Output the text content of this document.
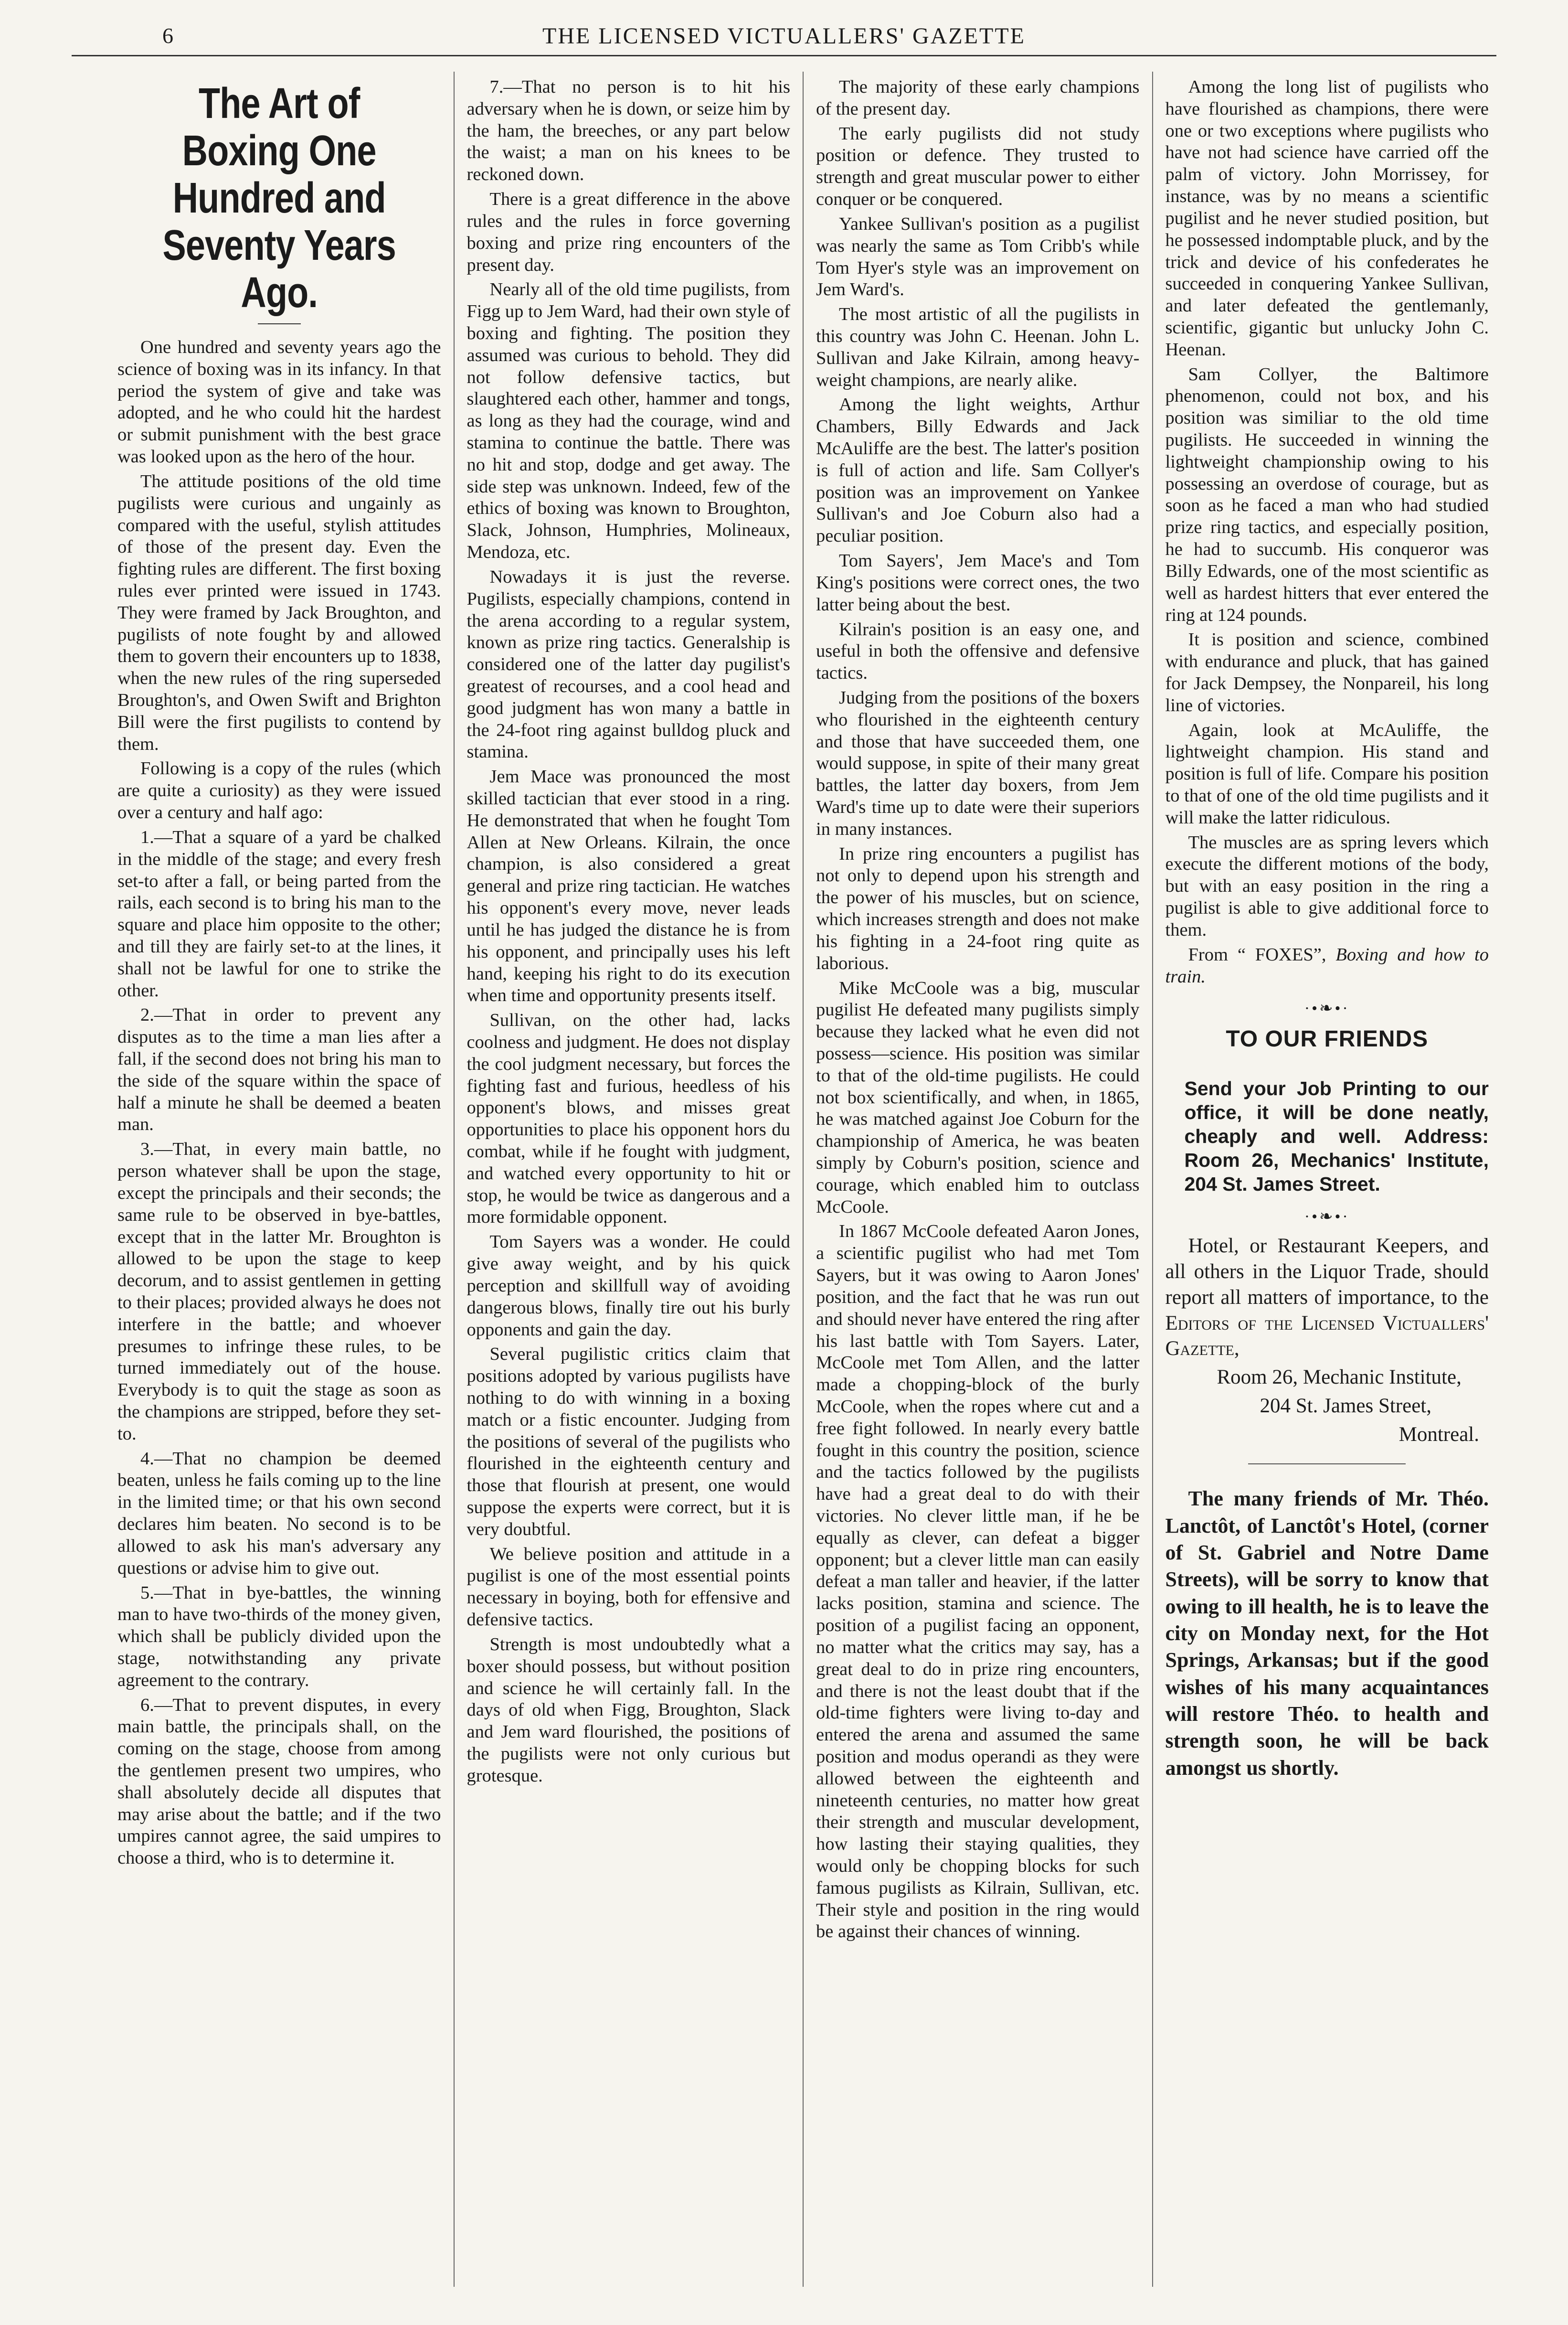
6	THE LICENSED VICTUALLERS' GAZETTE
The Art of Boxing One Hundred and Seventy Years Ago.

One hundred and seventy years ago the science of boxing was in its infancy. In that period the system of give and take was adopted, and he who could hit the hardest or submit punishment with the best grace was looked upon as the hero of the hour.

The attitude positions of the old time pugilists were curious and ungainly as compared with the useful, stylish attitudes of those of the present day. Even the fighting rules are different. The first boxing rules ever printed were issued in 1743. They were framed by Jack Broughton, and pugilists of note fought by and allowed them to govern their encounters up to 1838, when the new rules of the ring superseded Broughton's, and Owen Swift and Brighton Bill were the first pugilists to contend by them.

Following is a copy of the rules (which are quite a curiosity) as they were issued over a century and half ago:

1.—That a square of a yard be chalked in the middle of the stage; and every fresh set-to after a fall, or being parted from the rails, each second is to bring his man to the square and place him opposite to the other; and till they are fairly set-to at the lines, it shall not be lawful for one to strike the other.

2.—That in order to prevent any disputes as to the time a man lies after a fall, if the second does not bring his man to the side of the square within the space of half a minute he shall be deemed a beaten man.

3.—That, in every main battle, no person whatever shall be upon the stage, except the principals and their seconds; the same rule to be observed in bye-battles, except that in the latter Mr. Broughton is allowed to be upon the stage to keep decorum, and to assist gentlemen in getting to their places; provided always he does not interfere in the battle; and whoever presumes to infringe these rules, to be turned immediately out of the house. Everybody is to quit the stage as soon as the champions are stripped, before they set-to.

4.—That no champion be deemed beaten, unless he fails coming up to the line in the limited time; or that his own second declares him beaten. No second is to be allowed to ask his man's adversary any questions or advise him to give out.

5.—That in bye-battles, the winning man to have two-thirds of the money given, which shall be publicly divided upon the stage, notwithstanding any private agreement to the contrary.

6.—That to prevent disputes, in every main battle, the principals shall, on the coming on the stage, choose from among the gentlemen present two umpires, who shall absolutely decide all disputes that may arise about the battle; and if the two umpires cannot agree, the said umpires to choose a third, who is to determine it.

7.—That no person is to hit his adversary when he is down, or seize him by the ham, the breeches, or any part below the waist; a man on his knees to be reckoned down.

There is a great difference in the above rules and the rules in force governing boxing and prize ring encounters of the present day.

Nearly all of the old time pugilists, from Figg up to Jem Ward, had their own style of boxing and fighting. The position they assumed was curious to behold. They did not follow defensive tactics, but slaughtered each other, hammer and tongs, as long as they had the courage, wind and stamina to continue the battle. There was no hit and stop, dodge and get away. The side step was unknown. Indeed, few of the ethics of boxing was known to Broughton, Slack, Johnson, Humphries, Molineaux, Mendoza, etc.

Nowadays it is just the reverse. Pugilists, especially champions, contend in the arena according to a regular system, known as prize ring tactics. Generalship is considered one of the latter day pugilist's greatest of recourses, and a cool head and good judgment has won many a battle in the 24-foot ring against bulldog pluck and stamina.

Jem Mace was pronounced the most skilled tactician that ever stood in a ring. He demonstrated that when he fought Tom Allen at New Orleans. Kilrain, the once champion, is also considered a great general and prize ring tactician. He watches his opponent's every move, never leads until he has judged the distance he is from his opponent, and principally uses his left hand, keeping his right to do its execution when time and opportunity presents itself.

Sullivan, on the other had, lacks coolness and judgment. He does not display the cool judgment necessary, but forces the fighting fast and furious, heedless of his opponent's blows, and misses great opportunities to place his opponent hors du combat, while if he fought with judgment, and watched every opportunity to hit or stop, he would be twice as dangerous and a more formidable opponent.

Tom Sayers was a wonder. He could give away weight, and by his quick perception and skillfull way of avoiding dangerous blows, finally tire out his burly opponents and gain the day.

Several pugilistic critics claim that positions adopted by various pugilists have nothing to do with winning in a boxing match or a fistic encounter. Judging from the positions of several of the pugilists who flourished in the eighteenth century and those that flourish at present, one would suppose the experts were correct, but it is very doubtful.

We believe position and attitude in a pugilist is one of the most essential points necessary in boying, both for effensive and defensive tactics.

Strength is most undoubtedly what a boxer should possess, but without position and science he will certainly fall. In the days of old when Figg, Broughton, Slack and Jem ward flourished, the positions of the pugilists were not only curious but grotesque.

The majority of these early champions of the present day.

The early pugilists did not study position or defence. They trusted to strength and great muscular power to either conquer or be conquered.

Yankee Sullivan's position as a pugilist was nearly the same as Tom Cribb's while Tom Hyer's style was an improvement on Jem Ward's.

The most artistic of all the pugilists in this country was John C. Heenan. John L. Sullivan and Jake Kilrain, among heavy-weight champions, are nearly alike.

Among the light weights, Arthur Chambers, Billy Edwards and Jack McAuliffe are the best. The latter's position is full of action and life. Sam Collyer's position was an improvement on Yankee Sullivan's and Joe Coburn also had a peculiar position.

Tom Sayers', Jem Mace's and Tom King's positions were correct ones, the two latter being about the best.

Kilrain's position is an easy one, and useful in both the offensive and defensive tactics.

Judging from the positions of the boxers who flourished in the eighteenth century and those that have succeeded them, one would suppose, in spite of their many great battles, the latter day boxers, from Jem Ward's time up to date were their superiors in many instances.

In prize ring encounters a pugilist has not only to depend upon his strength and the power of his muscles, but on science, which increases strength and does not make his fighting in a 24-foot ring quite as laborious.

Mike McCoole was a big, muscular pugilist He defeated many pugilists simply because they lacked what he even did not possess—science. His position was similar to that of the old-time pugilists. He could not box scientifically, and when, in 1865, he was matched against Joe Coburn for the championship of America, he was beaten simply by Coburn's position, science and courage, which enabled him to outclass McCoole.

In 1867 McCoole defeated Aaron Jones, a scientific pugilist who had met Tom Sayers, but it was owing to Aaron Jones' position, and the fact that he was run out and should never have entered the ring after his last battle with Tom Sayers. Later, McCoole met Tom Allen, and the latter made a chopping-block of the burly McCoole, when the ropes where cut and a free fight followed. In nearly every battle fought in this country the position, science and the tactics followed by the pugilists have had a great deal to do with their victories. No clever little man, if he be equally as clever, can defeat a bigger opponent; but a clever little man can easily defeat a man taller and heavier, if the latter lacks position, stamina and science. The position of a pugilist facing an opponent, no matter what the critics may say, has a great deal to do in prize ring encounters, and there is not the least doubt that if the old-time fighters were living to-day and entered the arena and assumed the same position and modus operandi as they were allowed between the eighteenth and nineteenth centuries, no matter how great their strength and muscular development, how lasting their staying qualities, they would only be chopping blocks for such famous pugilists as Kilrain, Sullivan, etc. Their style and position in the ring would be against their chances of winning.

Among the long list of pugilists who have flourished as champions, there were one or two exceptions where pugilists who have not had science have carried off the palm of victory. John Morrissey, for instance, was by no means a scientific pugilist and he never studied position, but he possessed indomptable pluck, and by the trick and device of his confederates he succeeded in conquering Yankee Sullivan, and later defeated the gentlemanly, scientific, gigantic but unlucky John C. Heenan.

Sam Collyer, the Baltimore phenomenon, could not box, and his position was similiar to the old time pugilists. He succeeded in winning the lightweight championship owing to his possessing an overdose of courage, but as soon as he faced a man who had studied prize ring tactics, and especially position, he had to succumb. His conqueror was Billy Edwards, one of the most scientific as well as hardest hitters that ever entered the ring at 124 pounds.

It is position and science, combined with endurance and pluck, that has gained for Jack Dempsey, the Nonpareil, his long line of victories.

Again, look at McAuliffe, the lightweight champion. His stand and position is full of life. Compare his position to that of one of the old time pugilists and it will make the latter ridiculous.

The muscles are as spring levers which execute the different motions of the body, but with an easy position in the ring a pugilist is able to give additional force to them.

From “ FOXES”, Boxing and how to train.

·•❧•·
TO OUR FRIENDS

Send your Job Printing to our office, it will be done neatly, cheaply and well. Address: Room 26, Mechanics' Institute, 204 St. James Street.

·•❧•·

Hotel, or Restaurant Keepers, and all others in the Liquor Trade, should report all matters of importance, to the Editors of the Licensed Victuallers' Gazette,

Room 26, Mechanic Institute,

204 St. James Street,

Montreal.

The many friends of Mr. Théo. Lanctôt, of Lanctôt's Hotel, (corner of St. Gabriel and Notre Dame Streets), will be sorry to know that owing to ill health, he is to leave the city on Monday next, for the Hot Springs, Arkansas; but if the good wishes of his many acquaintances will restore Théo. to health and strength soon, he will be back amongst us shortly.
